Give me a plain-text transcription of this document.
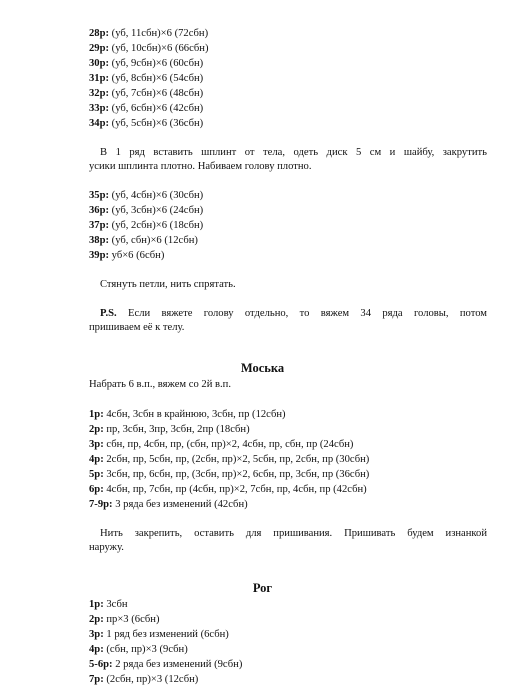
28р: (уб, 11сбн)×6 (72сбн)
29р: (уб, 10сбн)×6 (66сбн)
30р: (уб, 9сбн)×6 (60сбн)
31р: (уб, 8сбн)×6 (54сбн)
32р: (уб, 7сбн)×6 (48сбн)
33р: (уб, 6сбн)×6 (42сбн)
34р: (уб, 5сбн)×6 (36сбн)
В 1 ряд вставить шплинт от тела, одеть диск 5 см и шайбу, закрутить
усики шплинта плотно. Набиваем голову плотно.
35р: (уб, 4сбн)×6 (30сбн)
36р: (уб, 3сбн)×6 (24сбн)
37р: (уб, 2сбн)×6 (18сбн)
38р: (уб, сбн)×6 (12сбн)
39р: уб×6 (6сбн)
Стянуть петли, нить спрятать.
P.S. Если вяжете голову отдельно, то вяжем 34 ряда головы, потом
пришиваем её к телу.
Моська
Набрать 6 в.п., вяжем со 2й в.п.
1р: 4сбн, 3сбн в крайнюю, 3сбн, пр (12сбн)
2р: пр, 3сбн, 3пр, 3сбн, 2пр (18сбн)
3р: сбн, пр, 4сбн, пр, (сбн, пр)×2, 4сбн, пр, сбн, пр (24сбн)
4р: 2сбн, пр, 5сбн, пр, (2сбн, пр)×2, 5сбн, пр, 2сбн, пр (30сбн)
5р: 3сбн, пр, 6сбн, пр, (3сбн, пр)×2, 6сбн, пр, 3сбн, пр (36сбн)
6р: 4сбн, пр, 7сбн, пр (4сбн, пр)×2, 7сбн, пр, 4сбн, пр (42сбн)
7-9р: 3 ряда без изменений (42сбн)
Нить закрепить, оставить для пришивания. Пришивать будем изнанкой
наружу.
Рог
1р: 3сбн
2р: пр×3 (6сбн)
3р: 1 ряд без изменений (6сбн)
4р: (сбн, пр)×3 (9сбн)
5-6р: 2 ряда без изменений (9сбн)
7р: (2сбн, пр)×3 (12сбн)
